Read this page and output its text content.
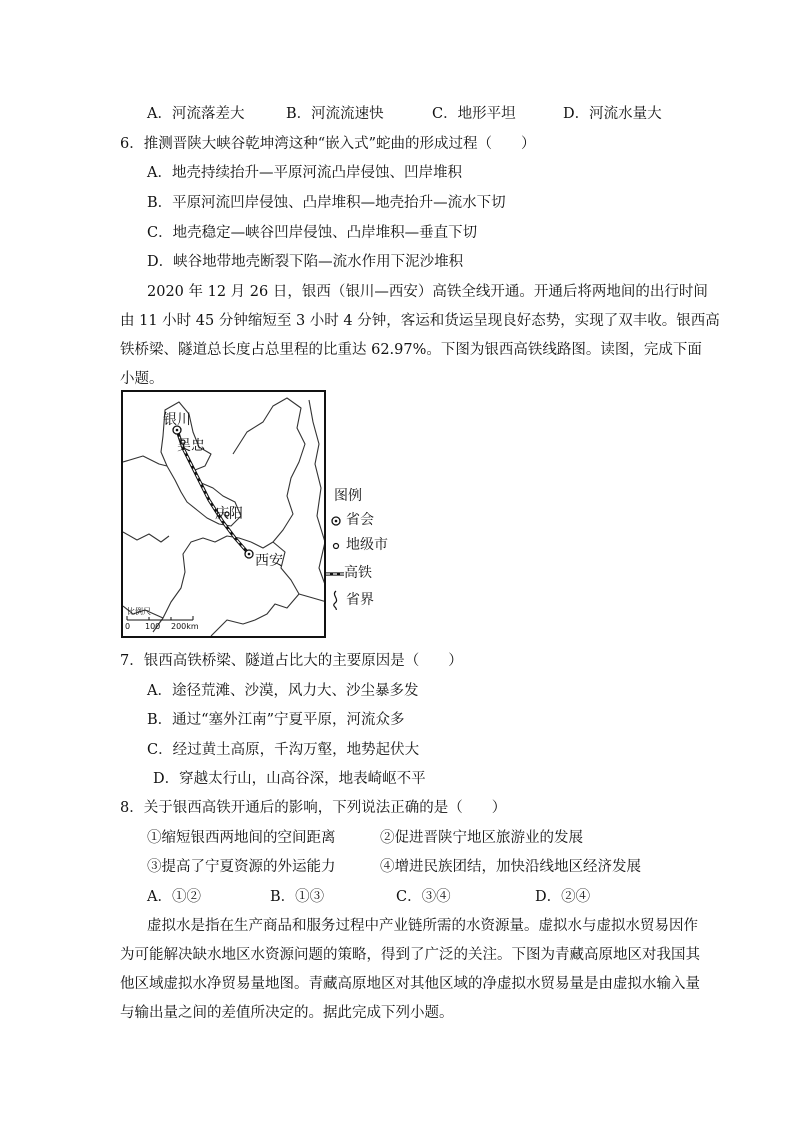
A．河流落差大	B．河流流速快	C．地形平坦	D．河流水量大
6．推测晋陕大峡谷乾坤湾这种“嵌入式”蛇曲的形成过程（　　）
A．地壳持续抬升—平原河流凸岸侵蚀、凹岸堆积
B．平原河流凹岸侵蚀、凸岸堆积—地壳抬升—流水下切
C．地壳稳定—峡谷凹岸侵蚀、凸岸堆积—垂直下切
D．峡谷地带地壳断裂下陷—流水作用下泥沙堆积
2020 年 12 月 26 日，银西（银川—西安）高铁全线开通。开通后将两地间的出行时间
由 11 小时 45 分钟缩短至 3 小时 4 分钟，客运和货运呈现良好态势，实现了双丰收。银西高
铁桥梁、隧道总长度占总里程的比重达 62.97%。下图为银西高铁线路图。读图，完成下面
小题。
银川
吴忠
庆阳
西安
比例尺
0 100 200km
图例
省会
地级市
高铁
省界
7．银西高铁桥梁、隧道占比大的主要原因是（　　）
A．途径荒滩、沙漠，风力大、沙尘暴多发
B．通过“塞外江南”宁夏平原，河流众多
C．经过黄土高原，千沟万壑，地势起伏大
D．穿越太行山，山高谷深，地表崎岖不平
8．关于银西高铁开通后的影响，下列说法正确的是（　　）
①缩短银西两地间的空间距离	②促进晋陕宁地区旅游业的发展
③提高了宁夏资源的外运能力	④增进民族团结，加快沿线地区经济发展
A．①②	B．①③	C．③④	D．②④
虚拟水是指在生产商品和服务过程中产业链所需的水资源量。虚拟水与虚拟水贸易因作
为可能解决缺水地区水资源问题的策略，得到了广泛的关注。下图为青藏高原地区对我国其
他区域虚拟水净贸易量地图。青藏高原地区对其他区域的净虚拟水贸易量是由虚拟水输入量
与输出量之间的差值所决定的。据此完成下列小题。
